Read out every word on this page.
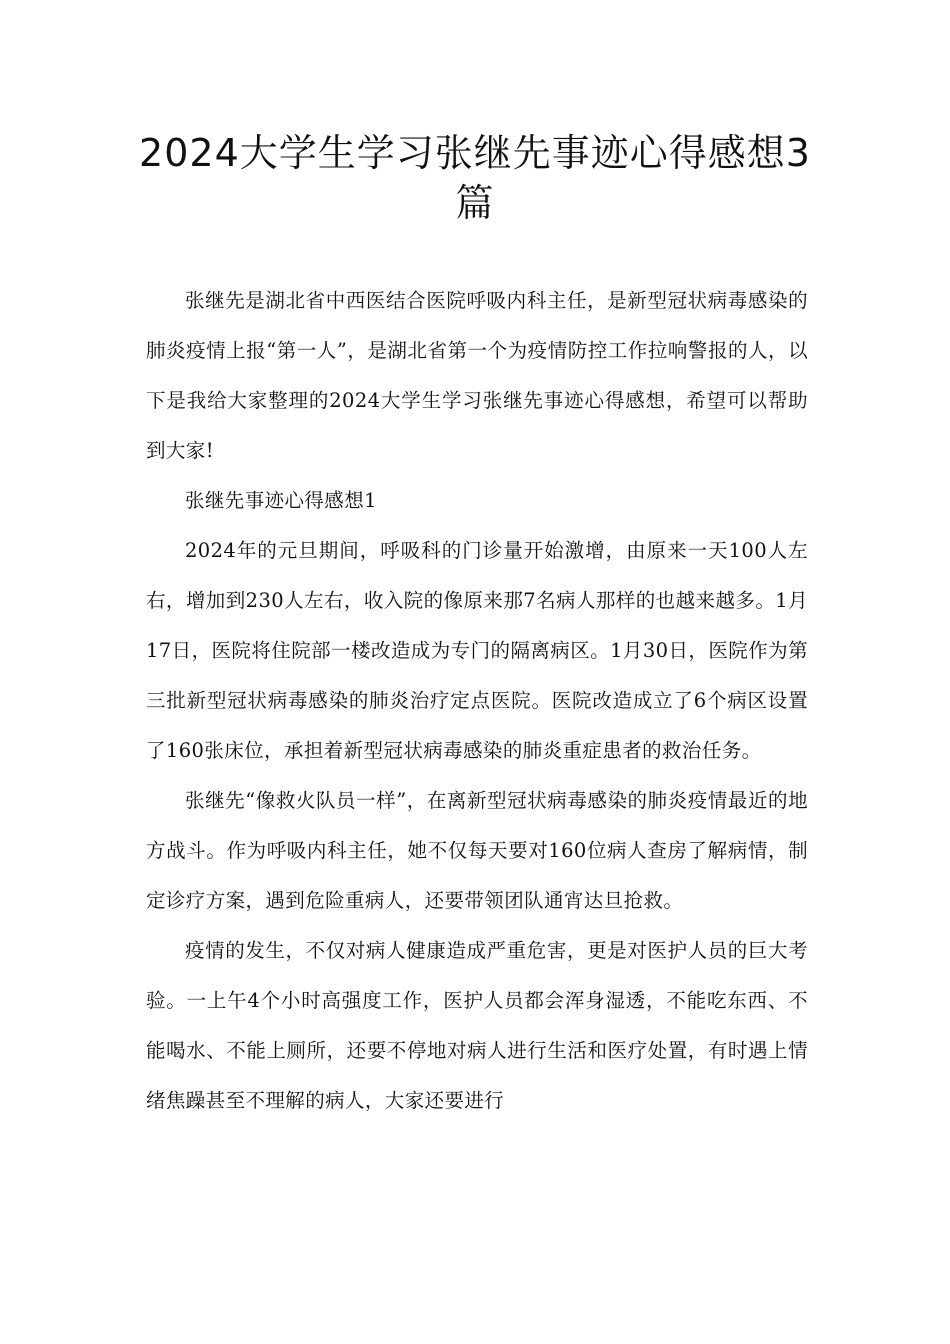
2024大学生学习张继先事迹心得感想3篇

张继先是湖北省中西医结合医院呼吸内科主任，是新型冠状病毒感染的肺炎疫情上报“第一人”，是湖北省第一个为疫情防控工作拉响警报的人，以下是我给大家整理的2024大学生学习张继先事迹心得感想，希望可以帮助到大家!

张继先事迹心得感想1

2024年的元旦期间，呼吸科的门诊量开始激增，由原来一天100人左右，增加到230人左右，收入院的像原来那7名病人那样的也越来越多。1月17日，医院将住院部一楼改造成为专门的隔离病区。1月30日，医院作为第三批新型冠状病毒感染的肺炎治疗定点医院。医院改造成立了6个病区设置了160张床位，承担着新型冠状病毒感染的肺炎重症患者的救治任务。

张继先“像救火队员一样”，在离新型冠状病毒感染的肺炎疫情最近的地方战斗。作为呼吸内科主任，她不仅每天要对160位病人查房了解病情，制定诊疗方案，遇到危险重病人，还要带领团队通宵达旦抢救。

疫情的发生，不仅对病人健康造成严重危害，更是对医护人员的巨大考验。一上午4个小时高强度工作，医护人员都会浑身湿透，不能吃东西、不能喝水、不能上厕所，还要不停地对病人进行生活和医疗处置，有时遇上情绪焦躁甚至不理解的病人，大家还要进行
